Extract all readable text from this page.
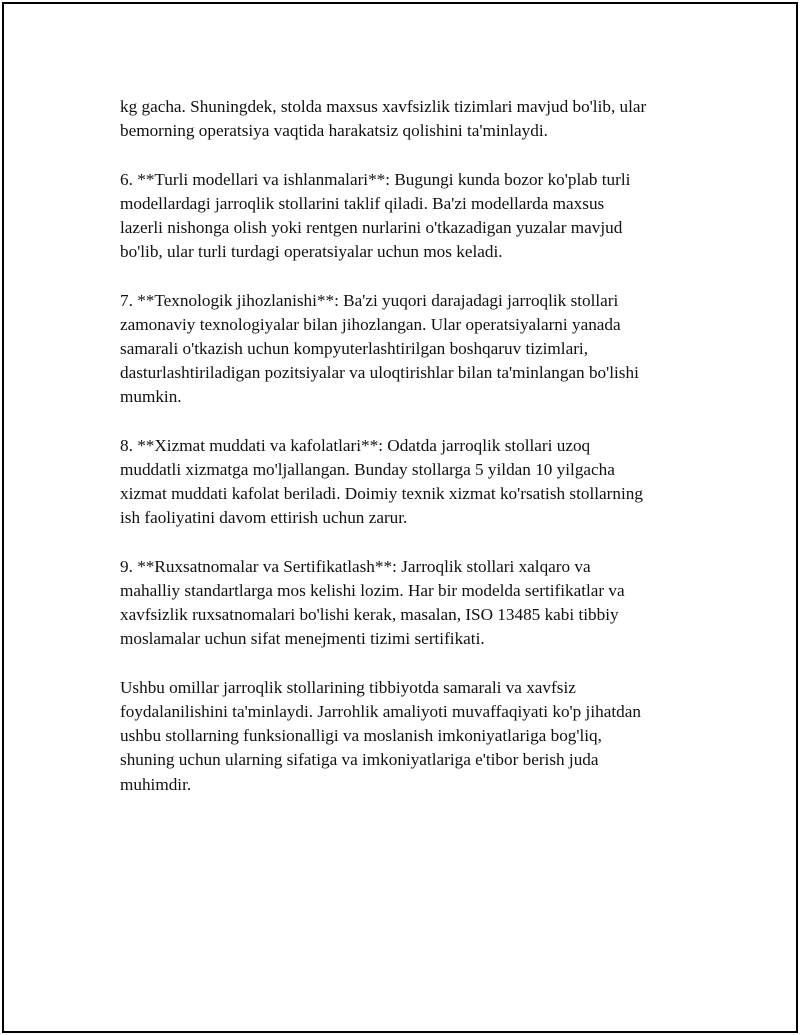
kg gacha. Shuningdek, stolda maxsus xavfsizlik tizimlari mavjud bo'lib, ular
bemorning operatsiya vaqtida harakatsiz qolishini ta'minlaydi.

6. **Turli modellari va ishlanmalari**: Bugungi kunda bozor ko'plab turli
modellardagi jarroqlik stollarini taklif qiladi. Ba'zi modellarda maxsus
lazerli nishonga olish yoki rentgen nurlarini o'tkazadigan yuzalar mavjud
bo'lib, ular turli turdagi operatsiyalar uchun mos keladi.

7. **Texnologik jihozlanishi**: Ba'zi yuqori darajadagi jarroqlik stollari
zamonaviy texnologiyalar bilan jihozlangan. Ular operatsiyalarni yanada
samarali o'tkazish uchun kompyuterlashtirilgan boshqaruv tizimlari,
dasturlashtiriladigan pozitsiyalar va uloqtirishlar bilan ta'minlangan bo'lishi
mumkin.

8. **Xizmat muddati va kafolatlari**: Odatda jarroqlik stollari uzoq
muddatli xizmatga mo'ljallangan. Bunday stollarga 5 yildan 10 yilgacha
xizmat muddati kafolat beriladi. Doimiy texnik xizmat ko'rsatish stollarning
ish faoliyatini davom ettirish uchun zarur.

9. **Ruxsatnomalar va Sertifikatlash**: Jarroqlik stollari xalqaro va
mahalliy standartlarga mos kelishi lozim. Har bir modelda sertifikatlar va
xavfsizlik ruxsatnomalari bo'lishi kerak, masalan, ISO 13485 kabi tibbiy
moslamalar uchun sifat menejmenti tizimi sertifikati.

Ushbu omillar jarroqlik stollarining tibbiyotda samarali va xavfsiz
foydalanilishini ta'minlaydi. Jarrohlik amaliyoti muvaffaqiyati ko'p jihatdan
ushbu stollarning funksionalligi va moslanish imkoniyatlariga bog'liq,
shuning uchun ularning sifatiga va imkoniyatlariga e'tibor berish juda
muhimdir.
